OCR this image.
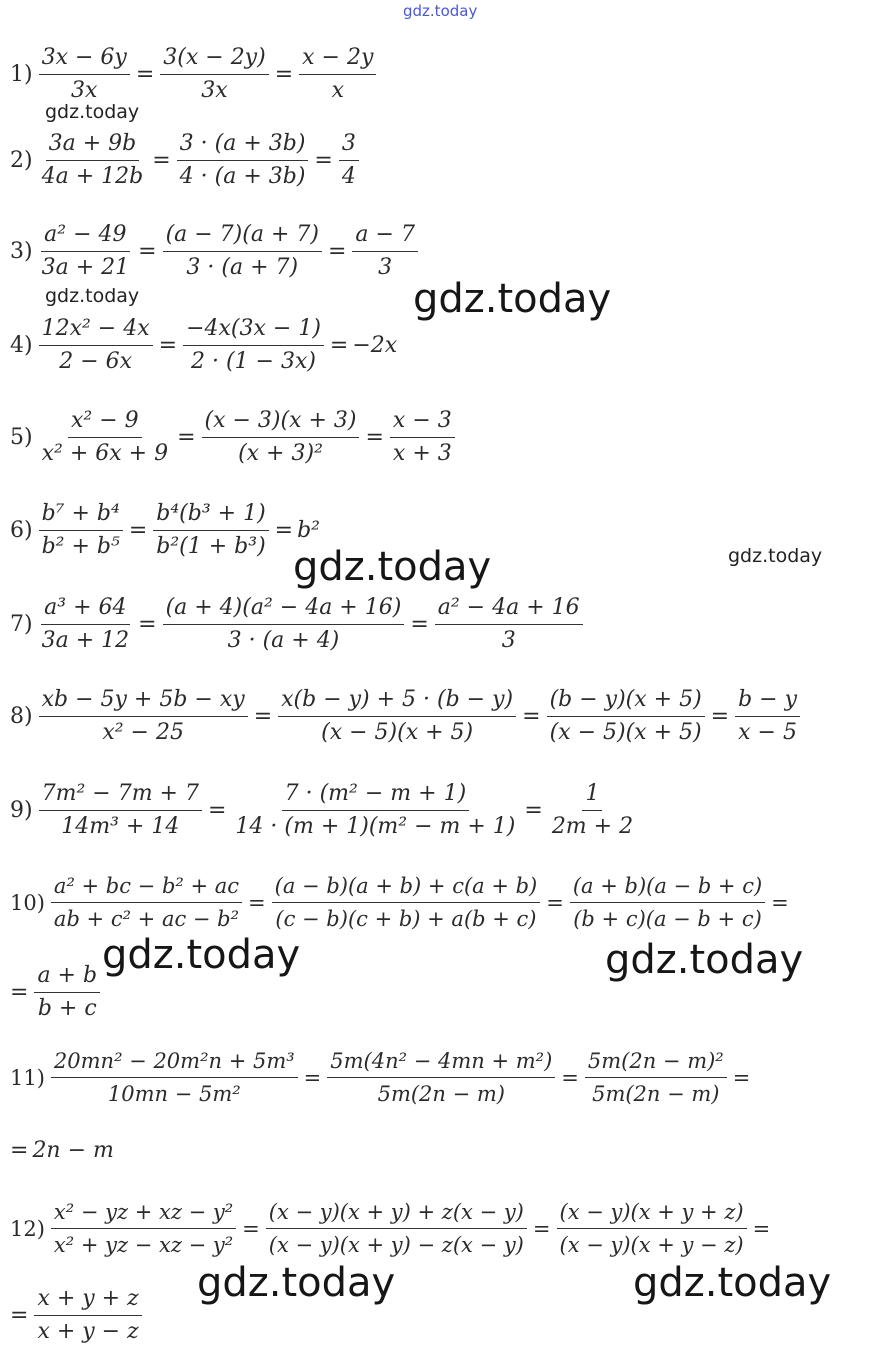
gdz.today
gdz.today
gdz.today
gdz.today
gdz.today
gdz.today
gdz.today	gdz.today
gdz.today	gdz.today
$1) \frac{3x - 6y}{3x} = \frac{3(x - 2y)}{3x} = \frac{x - 2y}{x}$
$2) \frac{3a + 9b}{4a + 12b} = \frac{3 \cdot (a + 3b)}{4 \cdot (a + 3b)} = \frac{3}{4}$
$3) \frac{\text{a² − 49}}{3a + 21} = \frac{(a - 7)(a + 7)}{3 \cdot (a + 7)} = \frac{a - 7}{3}$
$4) \frac{\text{12x² − 4x}}{2 - 6x} = \frac{-4x(3x - 1)}{2 \cdot (1 - 3x)} = -2x$
$5) \frac{\text{x² − 9}}{\text{x² + 6x + 9}} = \frac{(x - 3)(x + 3)}{\text{(x + 3)²}} = \frac{x - 3}{x + 3}$
$6) \frac{\text{b⁷ + b⁴}}{\text{b² + b⁵}} = \frac{\text{b⁴(b³ + 1)}}{\text{b²(1 + b³)}} = b^2$
$7) \frac{\text{a³ + 64}}{3a + 12} = \frac{\text{(a + 4)(a² − 4a + 16)}}{3 \cdot (a + 4)} = \frac{\text{a² − 4a + 16}}{3}$
$8) \frac{xb - 5y + 5b - xy}{\text{x² − 25}} = \frac{x(b - y) + 5 \cdot (b - y)}{(x - 5)(x + 5)} = \frac{(b - y)(x + 5)}{(x - 5)(x + 5)} = \frac{b - y}{x - 5}$
$9) \frac{\text{7m² − 7m + 7}}{\text{14m³ + 14}} = \frac{\text{7 · (m² − m + 1)}}{\text{14 · (m + 1)(m² − m + 1)}} = \frac{1}{2m + 2}$
$10) \frac{\text{a² + bc − b² + ac}}{\text{ab + c² + ac − b²}} = \frac{(a - b)(a + b) + c(a + b)}{(c - b)(c + b) + a(b + c)} = \frac{(a + b)(a - b + c)}{(b + c)(a - b + c)}$ =
= $\frac{a + b}{b + c}$
$11) \frac{\text{20mn² − 20m²n + 5m³}}{\text{10mn − 5m²}} = \frac{\text{5m(4n² − 4mn + m²)}}{5m(2n - m)} = \frac{\text{5m(2n − m)²}}{5m(2n - m)}$ =
= 2n − m
$12) \frac{\text{x² − yz + xz − y²}}{\text{x² + yz − xz − y²}} = \frac{(x - y)(x + y) + z(x - y)}{(x - y)(x + y) - z(x - y)} = \frac{(x - y)(x + y + z)}{(x - y)(x + y - z)}$ =
= $\frac{x + y + z}{x + y - z}$
